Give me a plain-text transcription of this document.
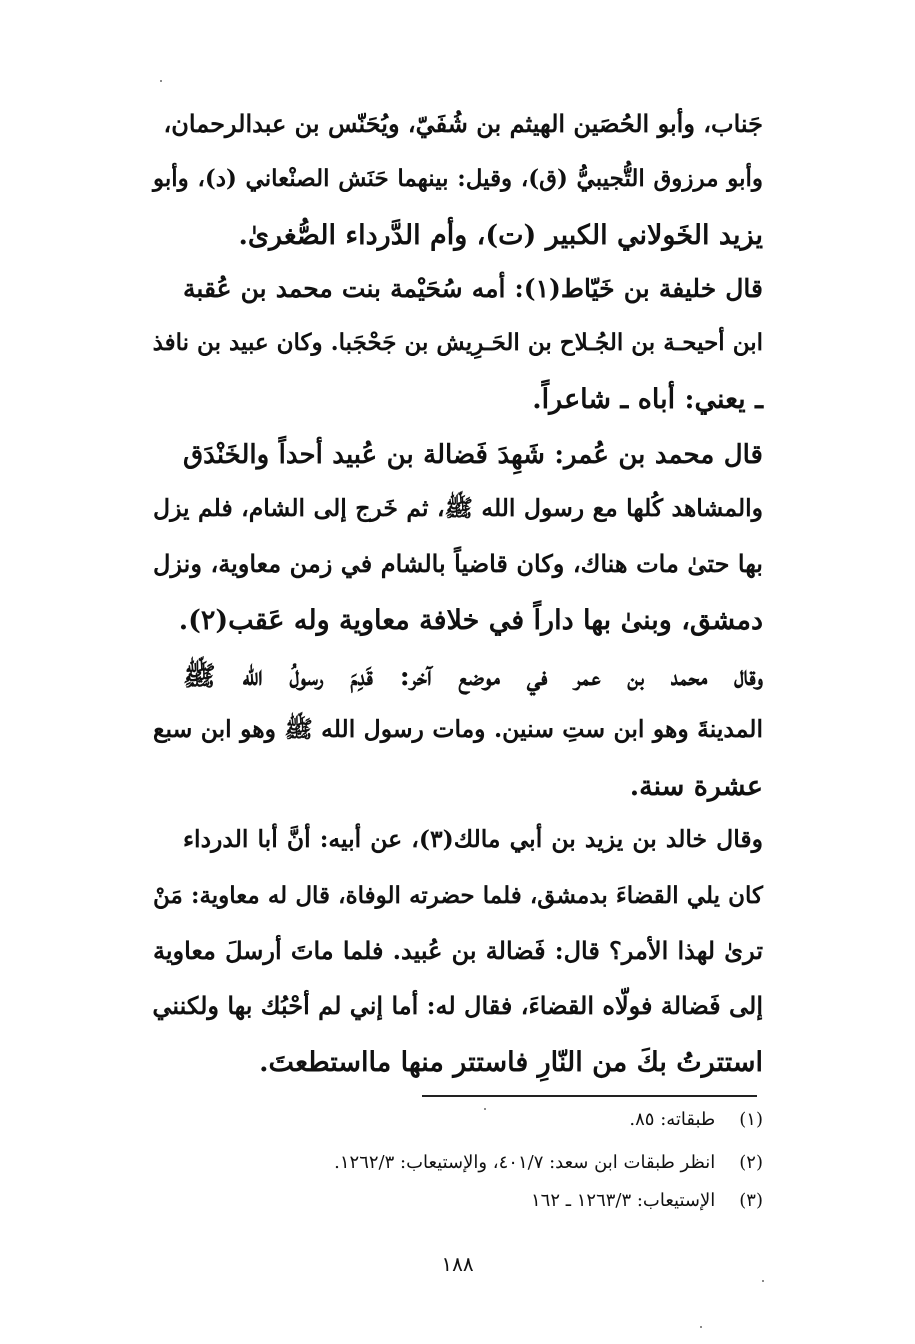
جَناب، وأبو الحُصَين الهيثم بن شُفَيّ، ويُحَنّس بن عبدالرحمان،
وأبو مرزوق التُّجيبيُّ (ق)، وقيل: بينهما حَنَش الصنْعاني (د)، وأبو
يزيد الخَولاني الكبير (ت)، وأم الدَّرداء الصُّغرىٰ.
قال خليفة بن خَيّاط(١): أمه سُحَيْمة بنت محمد بن عُقبة
ابن أحيحـة بن الجُـلاح بن الحَـرِيش بن جَحْجَبا. وكان عبيد بن نافذ
ـ يعني: أباه ـ شاعراً.
قال محمد بن عُمر: شَهِدَ فَضالة بن عُبيد أحداً والخَنْدَق
والمشاهد كُلها مع رسول الله ﷺ، ثم خَرج إلى الشام، فلم يزل
بها حتىٰ مات هناك، وكان قاضياً بالشام في زمن معاوية، ونزل
دمشق، وبنىٰ بها داراً في خلافة معاوية وله عَقب(٢).
وقال محمد بن عمر في موضع آخر: قَدِمَ رسولُ الله ﷺ
المدينةَ وهو ابن ستِ سنين. ومات رسول الله ﷺ وهو ابن سبع
عشرة سنة.
وقال خالد بن يزيد بن أبي مالك(٣)، عن أبيه: أنَّ أبا الدرداء
كان يلي القضاءَ بدمشق، فلما حضرته الوفاة، قال له معاوية: مَنْ
ترىٰ لهذا الأمر؟ قال: فَضالة بن عُبيد. فلما ماتَ أرسلَ معاوية
إلى فَضالة فولّاه القضاءَ، فقال له: أما إني لم أحْبُك بها ولكنني
استترتُ بكَ من النّارِ فاستتر منها مااستطعتَ.
(١) طبقاته: ٨٥.
(٢) انظر طبقات ابن سعد: ٤٠١/٧، والإستيعاب: ١٢٦٢/٣.
(٣) الإستيعاب: ١٢٦٣/٣ ـ ١٦٢
١٨٨
